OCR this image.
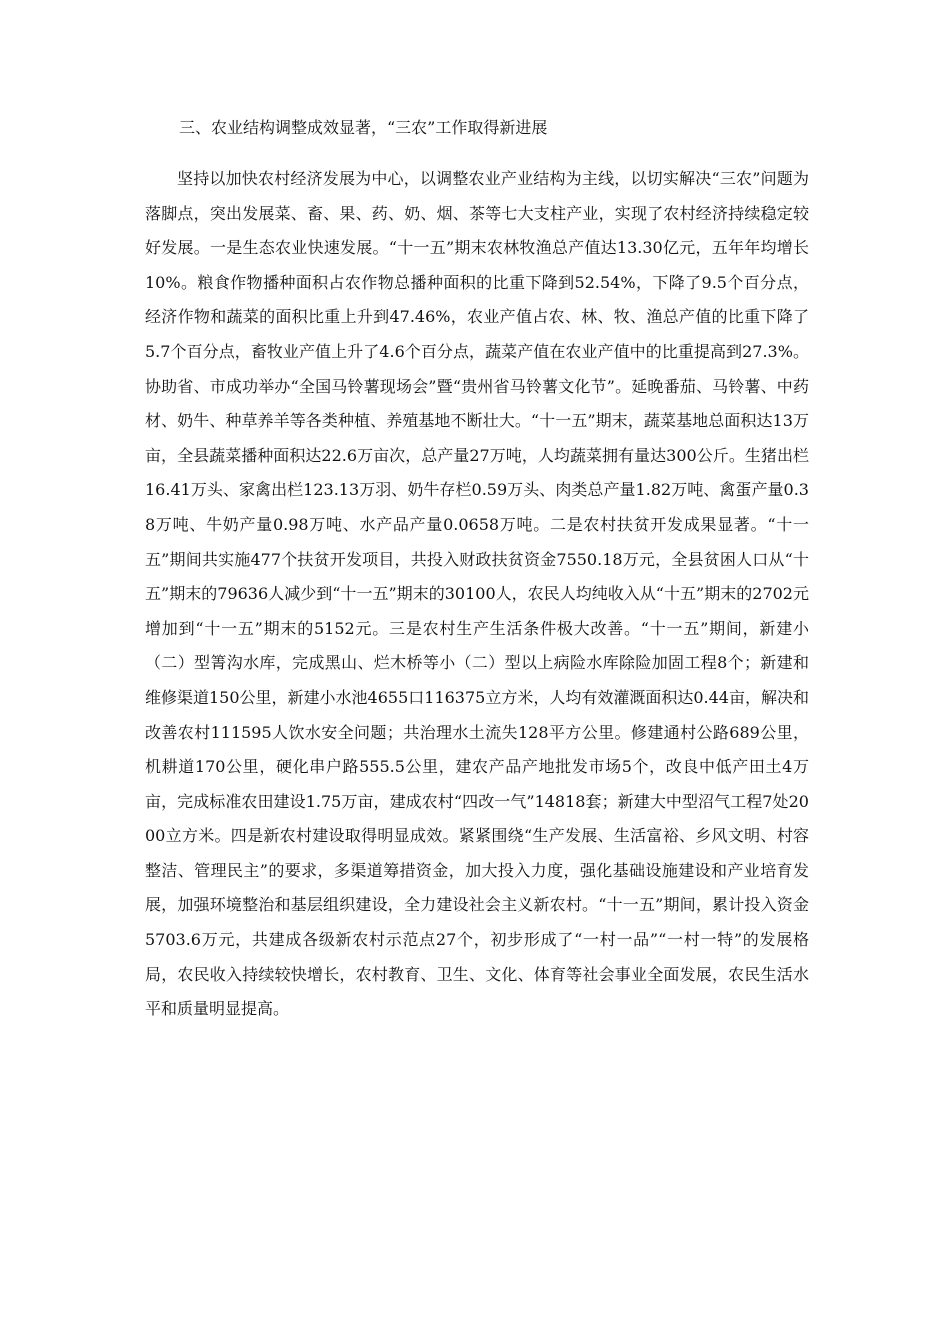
三、农业结构调整成效显著，“三农”工作取得新进展

坚持以加快农村经济发展为中心，以调整农业产业结构为主线，以切实解决“三农”问题为落脚点，突出发展菜、畜、果、药、奶、烟、茶等七大支柱产业，实现了农村经济持续稳定较好发展。一是生态农业快速发展。“十一五”期末农林牧渔总产值达13.30亿元，五年年均增长10%。粮食作物播种面积占农作物总播种面积的比重下降到52.54%，下降了9.5个百分点，经济作物和蔬菜的面积比重上升到47.46%，农业产值占农、林、牧、渔总产值的比重下降了5.7个百分点，畜牧业产值上升了4.6个百分点，蔬菜产值在农业产值中的比重提高到27.3%。协助省、市成功举办“全国马铃薯现场会”暨“贵州省马铃薯文化节”。延晚番茄、马铃薯、中药材、奶牛、种草养羊等各类种植、养殖基地不断壮大。“十一五”期末，蔬菜基地总面积达13万亩，全县蔬菜播种面积达22.6万亩次，总产量27万吨，人均蔬菜拥有量达300公斤。生猪出栏16.41万头、家禽出栏123.13万羽、奶牛存栏0.59万头、肉类总产量1.82万吨、禽蛋产量0.38万吨、牛奶产量0.98万吨、水产品产量0.0658万吨。二是农村扶贫开发成果显著。“十一五”期间共实施477个扶贫开发项目，共投入财政扶贫资金7550.18万元，全县贫困人口从“十五”期末的79636人减少到“十一五”期末的30100人，农民人均纯收入从“十五”期末的2702元增加到“十一五”期末的5152元。三是农村生产生活条件极大改善。“十一五”期间，新建小（二）型箐沟水库，完成黑山、烂木桥等小（二）型以上病险水库除险加固工程8个；新建和维修渠道150公里，新建小水池4655口116375立方米，人均有效灌溉面积达0.44亩，解决和改善农村111595人饮水安全问题；共治理水土流失128平方公里。修建通村公路689公里，机耕道170公里，硬化串户路555.5公里，建农产品产地批发市场5个，改良中低产田土4万亩，完成标准农田建设1.75万亩，建成农村“四改一气”14818套；新建大中型沼气工程7处2000立方米。四是新农村建设取得明显成效。紧紧围绕“生产发展、生活富裕、乡风文明、村容整洁、管理民主”的要求，多渠道筹措资金，加大投入力度，强化基础设施建设和产业培育发展，加强环境整治和基层组织建设，全力建设社会主义新农村。“十一五”期间，累计投入资金5703.6万元，共建成各级新农村示范点27个，初步形成了“一村一品”“一村一特”的发展格局，农民收入持续较快增长，农村教育、卫生、文化、体育等社会事业全面发展，农民生活水平和质量明显提高。
